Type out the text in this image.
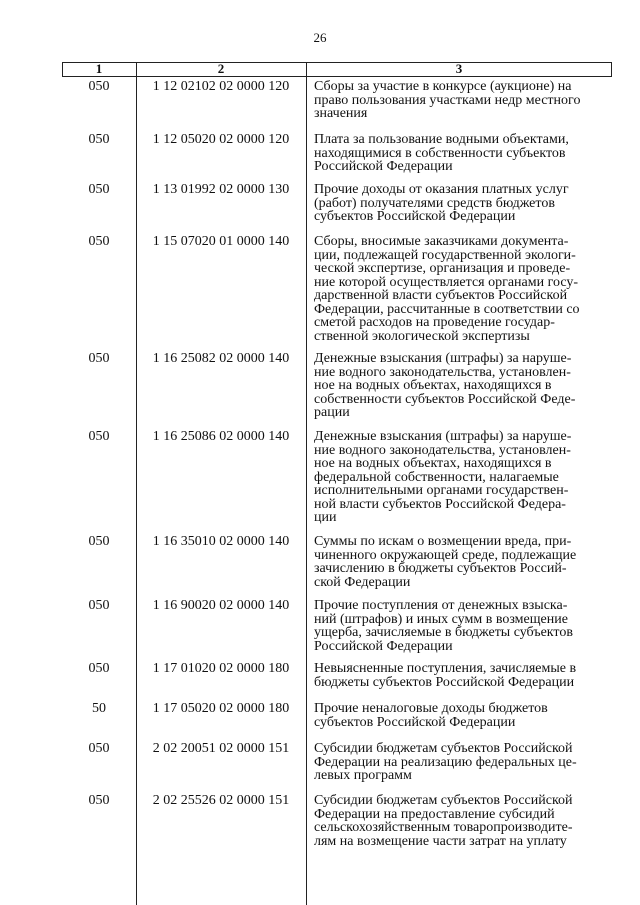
26
1	2	3
050	1 12 02102 02 0000 120	Сборы за участие в конкурсе (аукционе) на
право пользования участками недр местного
значения
050	1 12 05020 02 0000 120	Плата за пользование водными объектами,
находящимися в собственности субъектов
Российской Федерации
050	1 13 01992 02 0000 130	Прочие доходы от оказания платных услуг
(работ) получателями средств бюджетов
субъектов Российской Федерации
050	1 15 07020 01 0000 140	Сборы, вносимые заказчиками документа-
ции, подлежащей государственной экологи-
ческой экспертизе, организация и проведе-
ние которой осуществляется органами госу-
дарственной власти субъектов Российской
Федерации, рассчитанные в соответствии со
сметой расходов на проведение государ-
ственной экологической экспертизы
050	1 16 25082 02 0000 140	Денежные взыскания (штрафы) за наруше-
ние водного законодательства, установлен-
ное на водных объектах, находящихся в
собственности субъектов Российской Феде-
рации
050	1 16 25086 02 0000 140	Денежные взыскания (штрафы) за наруше-
ние водного законодательства, установлен-
ное на водных объектах, находящихся в
федеральной собственности, налагаемые
исполнительными органами государствен-
ной власти субъектов Российской Федера-
ции
050	1 16 35010 02 0000 140	Суммы по искам о возмещении вреда, при-
чиненного окружающей среде, подлежащие
зачислению в бюджеты субъектов Россий-
ской Федерации
050	1 16 90020 02 0000 140	Прочие поступления от денежных взыска-
ний (штрафов) и иных сумм в возмещение
ущерба, зачисляемые в бюджеты субъектов
Российской Федерации
050	1 17 01020 02 0000 180	Невыясненные поступления, зачисляемые в
бюджеты субъектов Российской Федерации
50	1 17 05020 02 0000 180	Прочие неналоговые доходы бюджетов
субъектов Российской Федерации
050	2 02 20051 02 0000 151	Субсидии бюджетам субъектов Российской
Федерации на реализацию федеральных це-
левых программ
050	2 02 25526 02 0000 151	Субсидии бюджетам субъектов Российской
Федерации на предоставление субсидий
сельскохозяйственным товаропроизводите-
лям на возмещение части затрат на уплату
